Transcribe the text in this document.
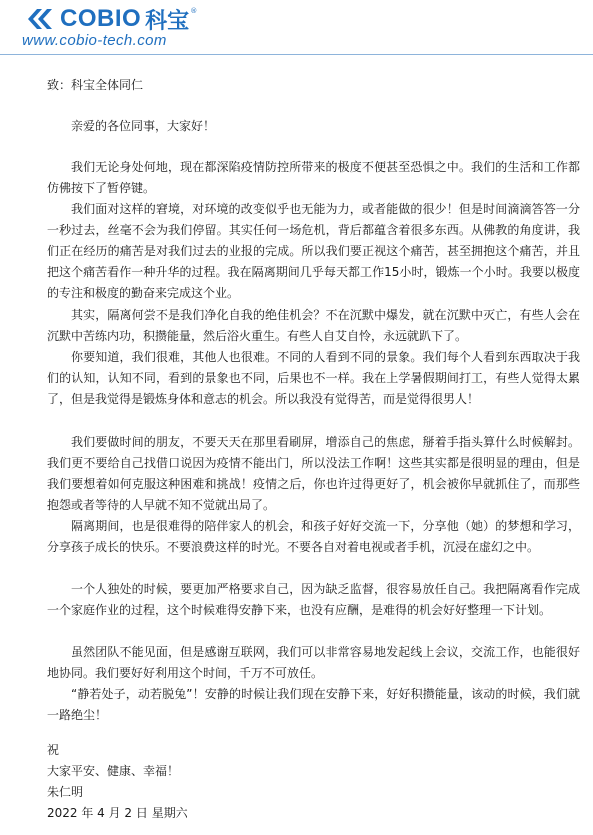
COBIO 科宝 ®
www.cobio-tech.com
致：科宝全体同仁
亲爱的各位同事，大家好！

我们无论身处何地，现在都深陷疫情防控所带来的极度不便甚至恐惧之中。我们的生活和工作都仿佛按下了暂停键。

我们面对这样的窘境，对环境的改变似乎也无能为力，或者能做的很少！但是时间滴滴答答一分一秒过去，丝毫不会为我们停留。其实任何一场危机，背后都蕴含着很多东西。从佛教的角度讲，我们正在经历的痛苦是对我们过去的业报的完成。所以我们要正视这个痛苦，甚至拥抱这个痛苦，并且把这个痛苦看作一种升华的过程。我在隔离期间几乎每天都工作15小时，锻炼一个小时。我要以极度的专注和极度的勤奋来完成这个业。

其实，隔离何尝不是我们净化自我的绝佳机会？不在沉默中爆发，就在沉默中灭亡，有些人会在沉默中苦练内功，积攒能量，然后浴火重生。有些人自艾自怜，永远就趴下了。

你要知道，我们很难，其他人也很难。不同的人看到不同的景象。我们每个人看到东西取决于我们的认知，认知不同，看到的景象也不同，后果也不一样。我在上学暑假期间打工，有些人觉得太累了，但是我觉得是锻炼身体和意志的机会。所以我没有觉得苦，而是觉得很男人！

我们要做时间的朋友，不要天天在那里看刷屏，增添自己的焦虑，掰着手指头算什么时候解封。我们更不要给自己找借口说因为疫情不能出门，所以没法工作啊！这些其实都是很明显的理由，但是我们要想着如何克服这种困难和挑战！疫情之后，你也许过得更好了，机会被你早就抓住了，而那些抱怨或者等待的人早就不知不觉就出局了。

隔离期间，也是很难得的陪伴家人的机会，和孩子好好交流一下，分享他（她）的梦想和学习，分享孩子成长的快乐。不要浪费这样的时光。不要各自对着电视或者手机，沉浸在虚幻之中。

一个人独处的时候，要更加严格要求自己，因为缺乏监督，很容易放任自己。我把隔离看作完成一个家庭作业的过程，这个时候难得安静下来，也没有应酬，是难得的机会好好整理一下计划。

虽然团队不能见面，但是感谢互联网，我们可以非常容易地发起线上会议，交流工作，也能很好地协同。我们要好好利用这个时间，千万不可放任。

“静若处子，动若脱兔”！安静的时候让我们现在安静下来，好好积攒能量，该动的时候，我们就一路绝尘！

祝
大家平安、健康、幸福！
朱仁明
2022 年 4 月 2 日 星期六
